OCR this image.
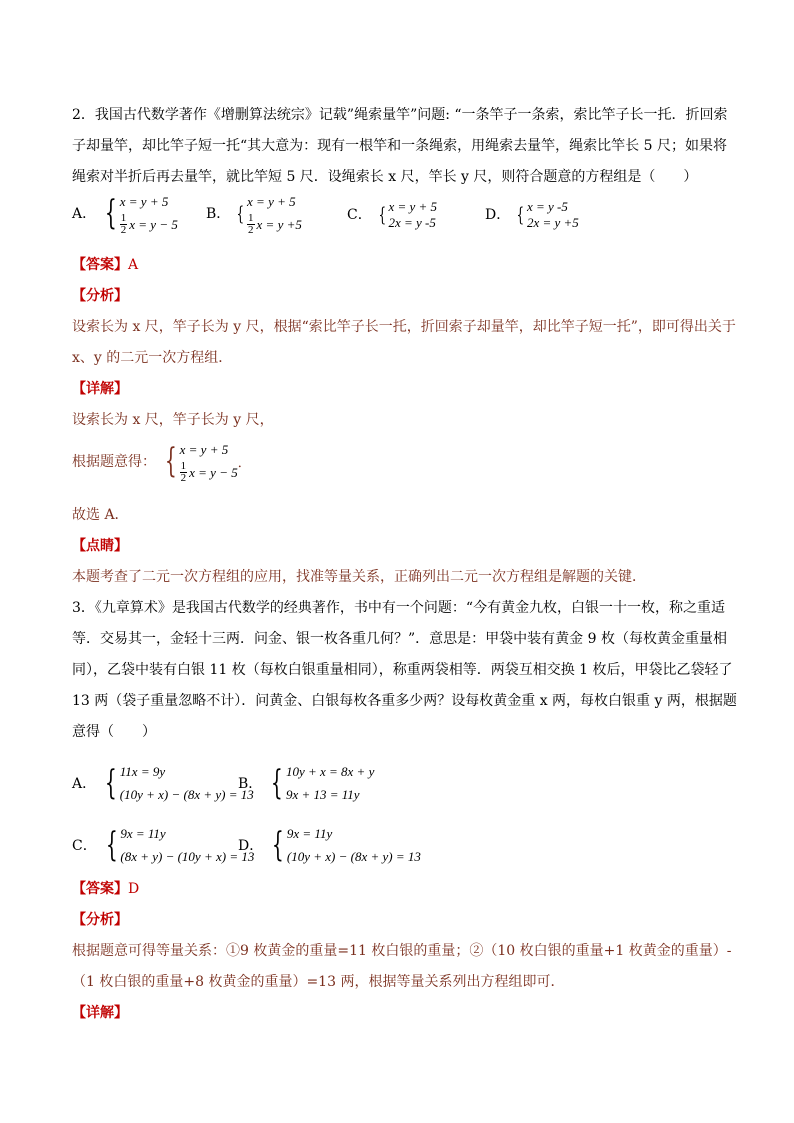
2．我国古代数学著作《增删算法统宗》记载”绳索量竿”问题: “一条竿子一条索，索比竿子长一托．折回索
子却量竿，却比竿子短一托“其大意为：现有一根竿和一条绳索，用绳索去量竿，绳索比竿长 5 尺；如果将
绳索对半折后再去量竿，就比竿短 5 尺．设绳索长 x 尺，竿长 y 尺，则符合题意的方程组是（　　）
A． { x = y + 5
$\frac{1}{2}$ x = y − 5
B． { x = y + 5
$\frac{1}{2}$ x = y +5
C． { x = y + 5
2x = y -5	D． { x = y -5
2x = y +5
【答案】A
【分析】
设索长为 x 尺，竿子长为 y 尺，根据“索比竿子长一托，折回索子却量竿，却比竿子短一托”，即可得出关于
x、y 的二元一次方程组．
【详解】
设索长为 x 尺，竿子长为 y 尺，
根据题意得： { x = y + 5
$\frac{1}{2}$ x = y − 5
．
故选 A．
【点睛】
本题考查了二元一次方程组的应用，找准等量关系，正确列出二元一次方程组是解题的关键．
3．《九章算术》是我国古代数学的经典著作，书中有一个问题：“今有黄金九枚，白银一十一枚，称之重适
等．交易其一，金轻十三两．问金、银一枚各重几何？”．意思是：甲袋中装有黄金 9 枚（每枚黄金重量相
同），乙袋中装有白银 11 枚（每枚白银重量相同），称重两袋相等．两袋互相交换 1 枚后，甲袋比乙袋轻了
13 两（袋子重量忽略不计）．问黄金、白银每枚各重多少两？设每枚黄金重 x 两，每枚白银重 y 两，根据题
意得（　　）
A． { 11x = 9y
(10y + x) − (8x + y) = 13
B． { 10y + x = 8x + y
9x + 13 = 11y
C． { 9x = 11y
(8x + y) − (10y + x) = 13
D． { 9x = 11y
(10y + x) − (8x + y) = 13
【答案】D
【分析】
根据题意可得等量关系：①9 枚黄金的重量=11 枚白银的重量；②（10 枚白银的重量+1 枚黄金的重量）-
（1 枚白银的重量+8 枚黄金的重量）=13 两，根据等量关系列出方程组即可．
【详解】
